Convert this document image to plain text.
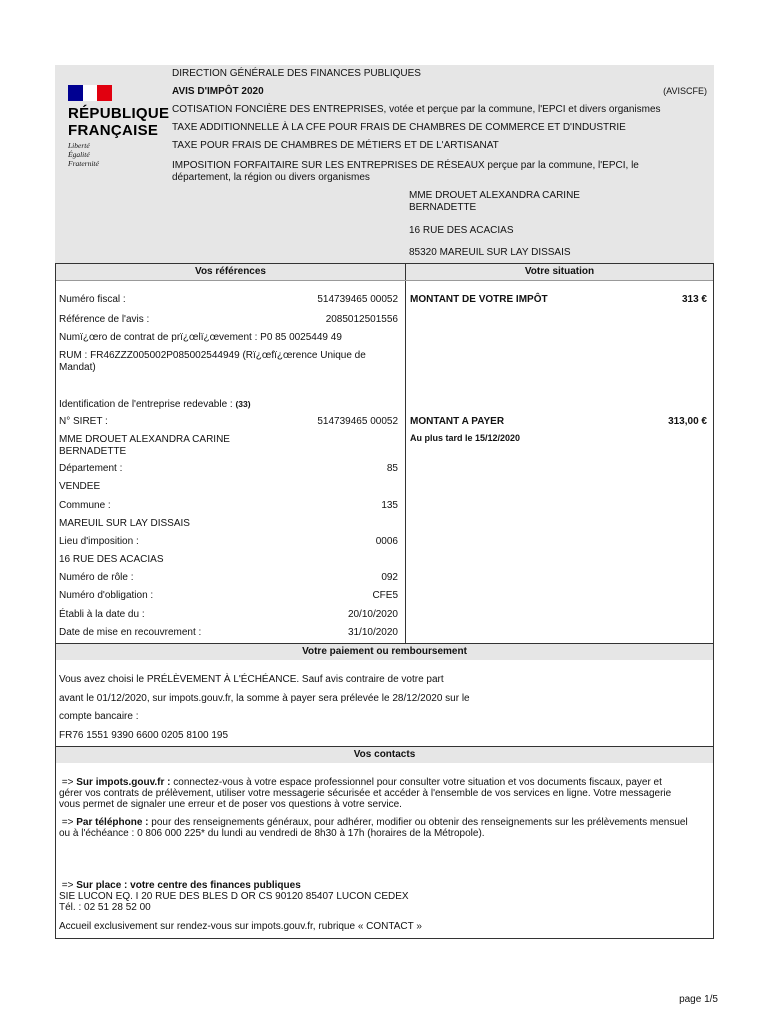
RÉPUBLIQUE
FRANÇAISE
Liberté
Égalité
Fraternité
DIRECTION GÉNÉRALE DES FINANCES PUBLIQUES
AVIS D'IMPÔT 2020	(AVISCFE)
COTISATION FONCIÈRE DES ENTREPRISES, votée et perçue par la commune, l'EPCI et divers organismes
TAXE ADDITIONNELLE À LA CFE POUR FRAIS DE CHAMBRES DE COMMERCE ET D'INDUSTRIE
TAXE POUR FRAIS DE CHAMBRES DE MÉTIERS ET DE L'ARTISANAT
IMPOSITION FORFAITAIRE SUR LES ENTREPRISES DE RÉSEAUX perçue par la commune, l'EPCI, le
département, la région ou divers organismes
MME DROUET ALEXANDRA CARINE
BERNADETTE
16 RUE DES ACACIAS
85320 MAREUIL SUR LAY DISSAIS
Vos références	Votre situation
Numéro fiscal :	514739465 00052
Référence de l'avis :	2085012501556
Numï¿œro de contrat de prï¿œlï¿œvement : P0 85 0025449 49
RUM : FR46ZZZ005002P085002544949 (Rï¿œfï¿œrence Unique de
Mandat)
Identification de l'entreprise redevable : (33)
N° SIRET :	514739465 00052
MME DROUET ALEXANDRA CARINE
BERNADETTE
Département :	85
VENDEE
Commune :	135
MAREUIL SUR LAY DISSAIS
Lieu d'imposition :	0006
16 RUE DES ACACIAS
Numéro de rôle :	092
Numéro d'obligation :	CFE5
Établi à la date du :	20/10/2020
Date de mise en recouvrement :	31/10/2020
MONTANT DE VOTRE IMPÔT	313 €
MONTANT A PAYER	313,00 €
Au plus tard le 15/12/2020
Votre paiement ou remboursement
Vous avez choisi le PRÉLÈVEMENT À L'ÉCHÉANCE. Sauf avis contraire de votre part
avant le 01/12/2020, sur impots.gouv.fr, la somme à payer sera prélevée le 28/12/2020 sur le
compte bancaire :
FR76 1551 9390 6600 0205 8100 195
Vos contacts
=> Sur impots.gouv.fr : connectez-vous à votre espace professionnel pour consulter votre situation et vos documents fiscaux, payer et
gérer vos contrats de prélèvement, utiliser votre messagerie sécurisée et accéder à l'ensemble de vos services en ligne. Votre messagerie
vous permet de signaler une erreur et de poser vos questions à votre service.
=> Par téléphone : pour des renseignements généraux, pour adhérer, modifier ou obtenir des renseignements sur les prélèvements mensuel
ou à l'échéance : 0 806 000 225* du lundi au vendredi de 8h30 à 17h (horaires de la Métropole).
=> Sur place : votre centre des finances publiques
SIE LUCON EQ. I 20 RUE DES BLES D OR CS 90120 85407 LUCON CEDEX
Tél. : 02 51 28 52 00
Accueil exclusivement sur rendez-vous sur impots.gouv.fr, rubrique « CONTACT »
page 1/5
